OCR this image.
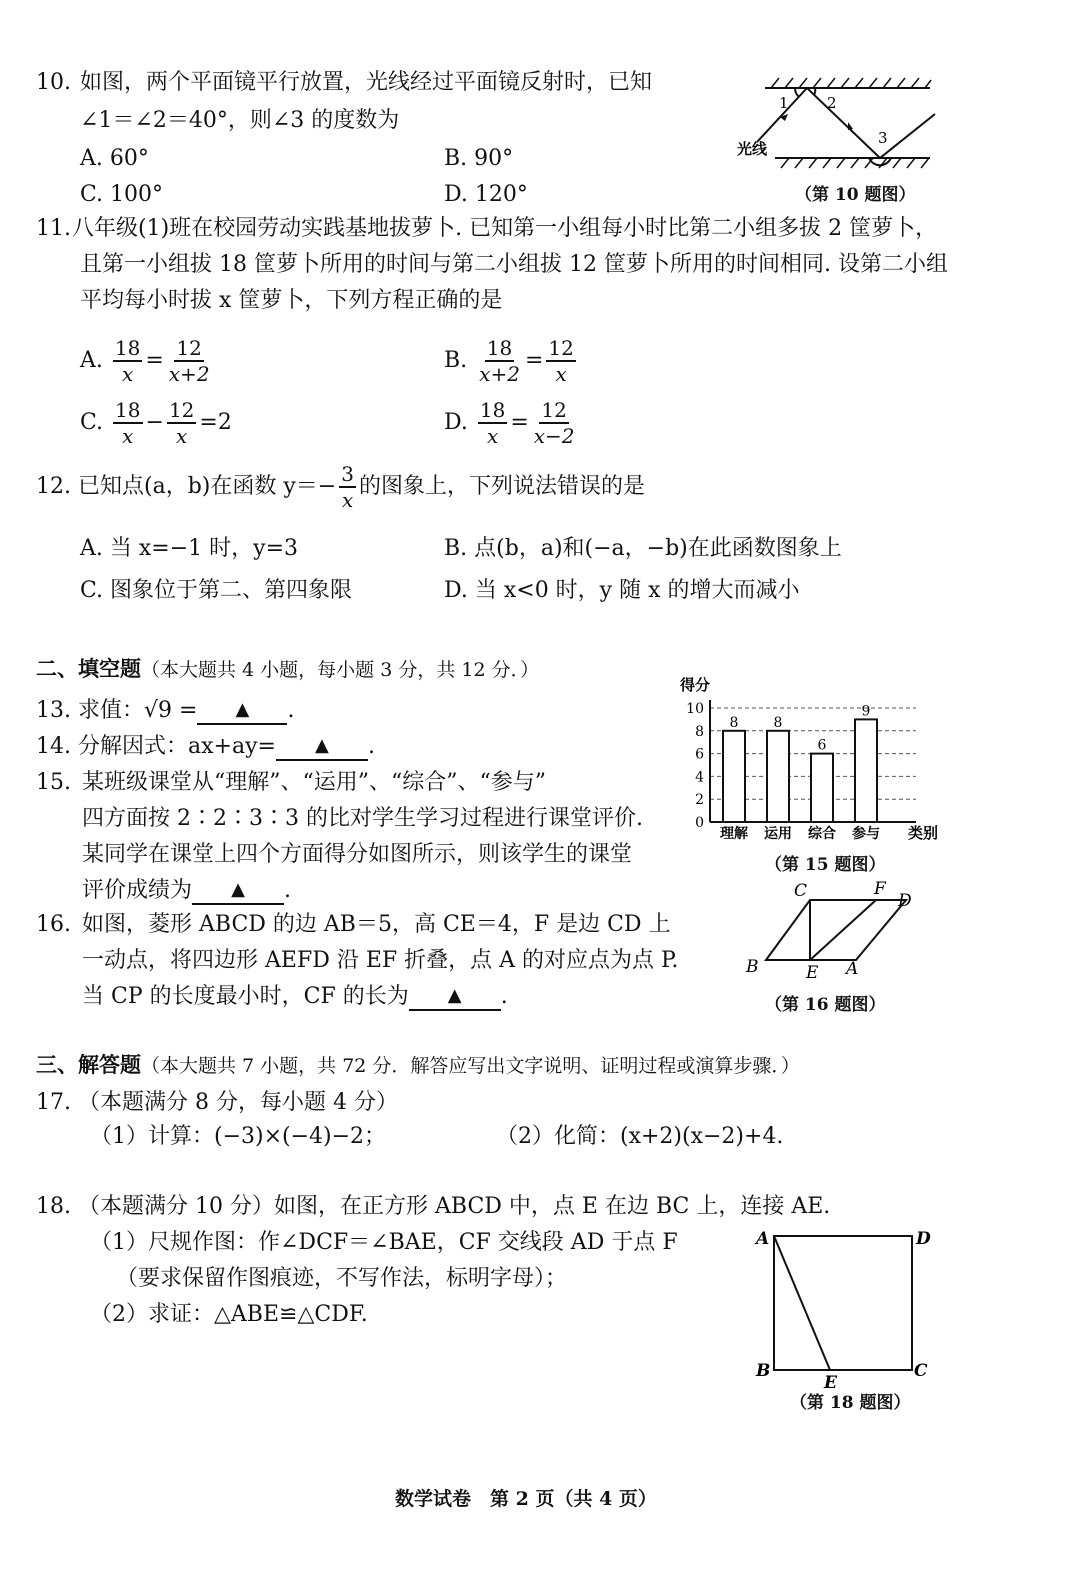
10. 如图，两个平面镜平行放置，光线经过平面镜反射时，已知
∠1＝∠2＝40°，则∠3 的度数为
A. 60°	B. 90°
C. 100°	D. 120°
1	2
3
光线
（第 10 题图）
11. 八年级(1)班在校园劳动实践基地拔萝卜. 已知第一小组每小时比第二小组多拔 2 筐萝卜，
且第一小组拔 18 筐萝卜所用的时间与第二小组拔 12 筐萝卜所用的时间相同. 设第二小组
平均每小时拔 x 筐萝卜，下列方程正确的是
A.
$\frac{18}{x} = \frac{12}{x+2}$	B.
$\frac{18}{x+2} = \frac{12}{x}$
C.
$\frac{18}{x} - \frac{12}{x} =2$	D.
$\frac{18}{x} = \frac{12}{x-2}$
12.
已知点(a，b)在函数 $y=- \frac{3}{x}$ 的图象上，下列说法错误的是
A. 当 x=−1 时，y=3	B. 点(b，a)和(−a，−b)在此函数图象上
C. 图象位于第二、第四象限	D. 当 x<0 时，y 随 x 的增大而减小
二、填空题（本大题共 4 小题，每小题 3 分，共 12 分．）
13. 求值：√9 = ▲ .
14. 分解因式：ax+ay= ▲ .
15. 某班级课堂从“理解”、“运用”、“综合”、“参与”
四方面按 2∶2∶3∶3 的比对学生学习过程进行课堂评价.
某同学在课堂上四个方面得分如图所示，则该学生的课堂
评价成绩为 ▲ .
得分
0
2
4
6
8
10
8
理解
8
运用
6
综合
9
参与 类别
（第 15 题图）
16. 如图，菱形 ABCD 的边 AB＝5，高 CE＝4，F 是边 CD 上
一动点，将四边形 AEFD 沿 EF 折叠，点 A 的对应点为点 P.
当 CP 的长度最小时，CF 的长为 ▲ .
B
C	F
D
E A
（第 16 题图）
三、解答题（本大题共 7 小题，共 72 分．解答应写出文字说明、证明过程或演算步骤．）
17. （本题满分 8 分，每小题 4 分）
（1）计算：(−3)×(−4)−2；	（2）化简：(x+2)(x−2)+4.
18. （本题满分 10 分）如图，在正方形 ABCD 中，点 E 在边 BC 上，连接 AE.
（1）尺规作图：作∠DCF＝∠BAE，CF 交线段 AD 于点 F
（要求保留作图痕迹，不写作法，标明字母）；
（2）求证：△ABE≌△CDF.
A	D
B	C
E
（第 18 题图）
数学试卷　第 2 页（共 4 页）
